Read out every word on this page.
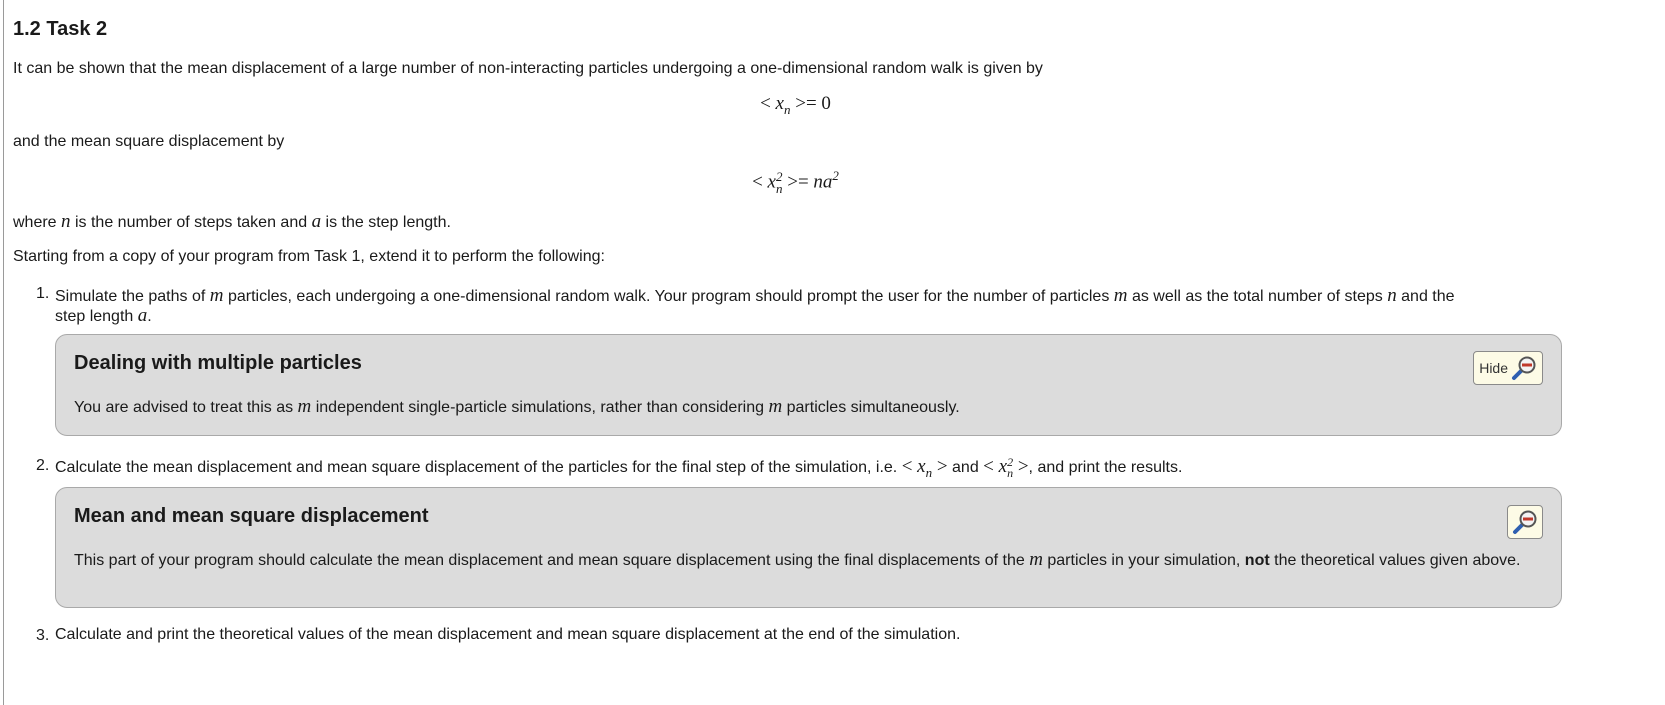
1.2 Task 2

It can be shown that the mean displacement of a large number of non-interacting particles undergoing a one-dimensional random walk is given by

< $x_n >= 0$

and the mean square displacement by

< x 2
$n >= na^2$

where n is the number of steps taken and a is the step length.

Starting from a copy of your program from Task 1, extend it to perform the following:

1. Simulate the paths of m particles, each undergoing a one-dimensional random walk. Your program should prompt the user for the number of particles m as well as the total number of steps n and the

step length a.

Dealing with multiple particles	Hide
You are advised to treat this as m independent single-particle simulations, rather than considering m particles simultaneously.
2. Calculate the mean displacement and mean square displacement of the particles for the final step of the simulation, i.e. < $x_n$ > and < x 2
n >, and print the results.

Mean and mean square displacement
This part of your program should calculate the mean displacement and mean square displacement using the final displacements of the m particles in your simulation, not the theoretical values given above.
3. Calculate and print the theoretical values of the mean displacement and mean square displacement at the end of the simulation.
